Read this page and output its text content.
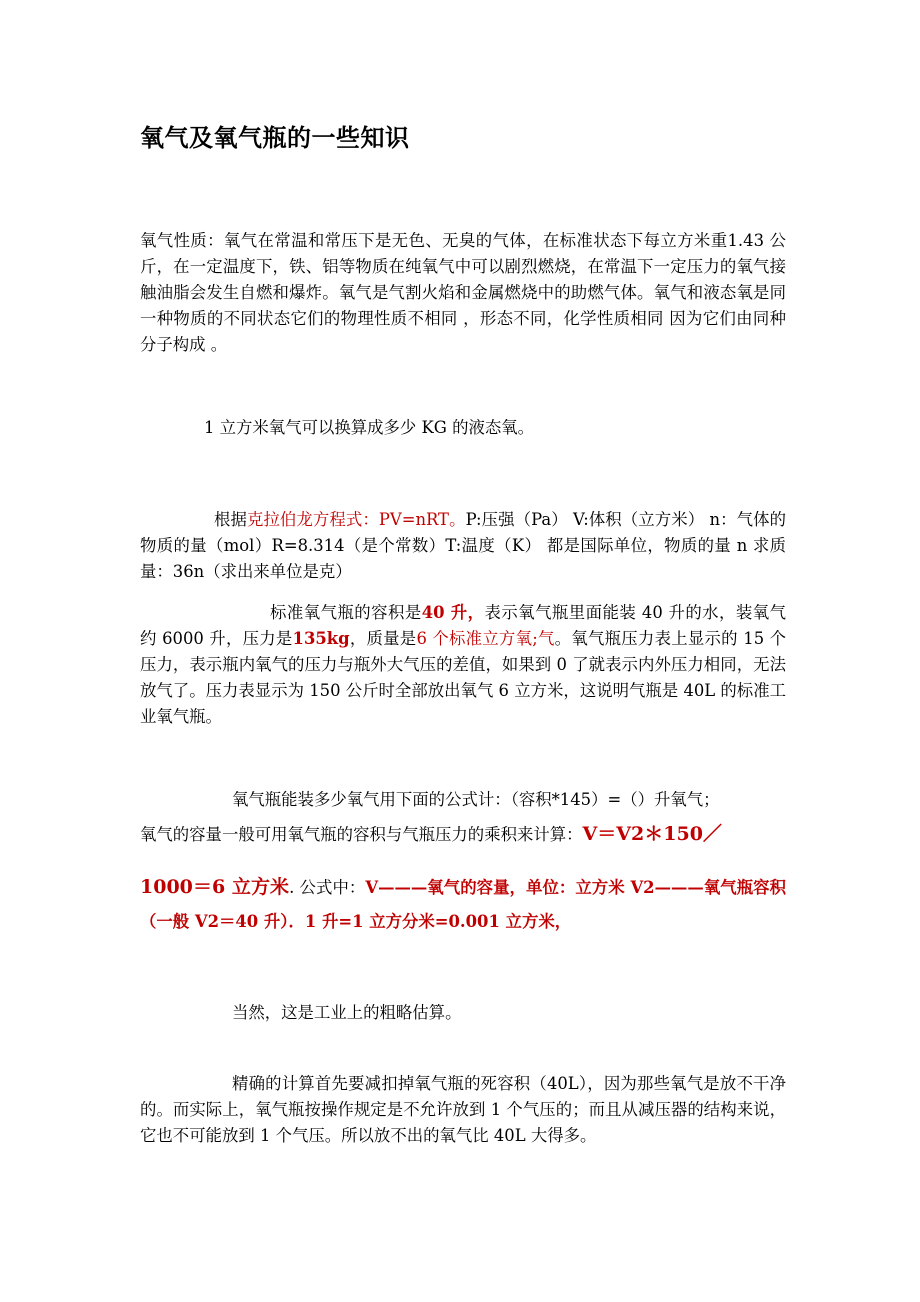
氧气及氧气瓶的一些知识

氧气性质：氧气在常温和常压下是无色、无臭的气体，在标准状态下每立方米重1.43 公斤，在一定温度下，铁、铝等物质在纯氧气中可以剧烈燃烧，在常温下一定压力的氧气接触油脂会发生自燃和爆炸。氧气是气割火焰和金属燃烧中的助燃气体。氧气和液态氧是同一种物质的不同状态它们的物理性质不相同 ，形态不同，化学性质相同 因为它们由同种分子构成 。

1 立方米氧气可以换算成多少 KG 的液态氧。

根据克拉伯龙方程式：PV=nRT。P:压强（Pa） V:体积（立方米） n：气体的物质的量（mol）R=8.314（是个常数）T:温度（K） 都是国际单位，物质的量 n 求质量：36n（求出来单位是克）

标准氧气瓶的容积是40 升，表示氧气瓶里面能装 40 升的水，装氧气约 6000 升，压力是135kg，质量是6 个标准立方氧;气。氧气瓶压力表上显示的 15 个压力，表示瓶内氧气的压力与瓶外大气压的差值，如果到 0 了就表示内外压力相同，无法放气了。压力表显示为 150 公斤时全部放出氧气 6 立方米，这说明气瓶是 40L 的标准工业氧气瓶。

氧气瓶能装多少氧气用下面的公式计：（容积*145）=（）升氧气；

氧气的容量一般可用氧气瓶的容积与气瓶压力的乘积来计算：V＝V2＊150／

1000＝6 立方米. 公式中：V———氧气的容量，单位：立方米 V2———氧气瓶容积（一般 V2＝40 升）．1 升=1 立方分米=0.001 立方米，

当然，这是工业上的粗略估算。

精确的计算首先要减扣掉氧气瓶的死容积（40L），因为那些氧气是放不干净的。而实际上，氧气瓶按操作规定是不允许放到 1 个气压的；而且从减压器的结构来说，它也不可能放到 1 个气压。所以放不出的氧气比 40L 大得多。
